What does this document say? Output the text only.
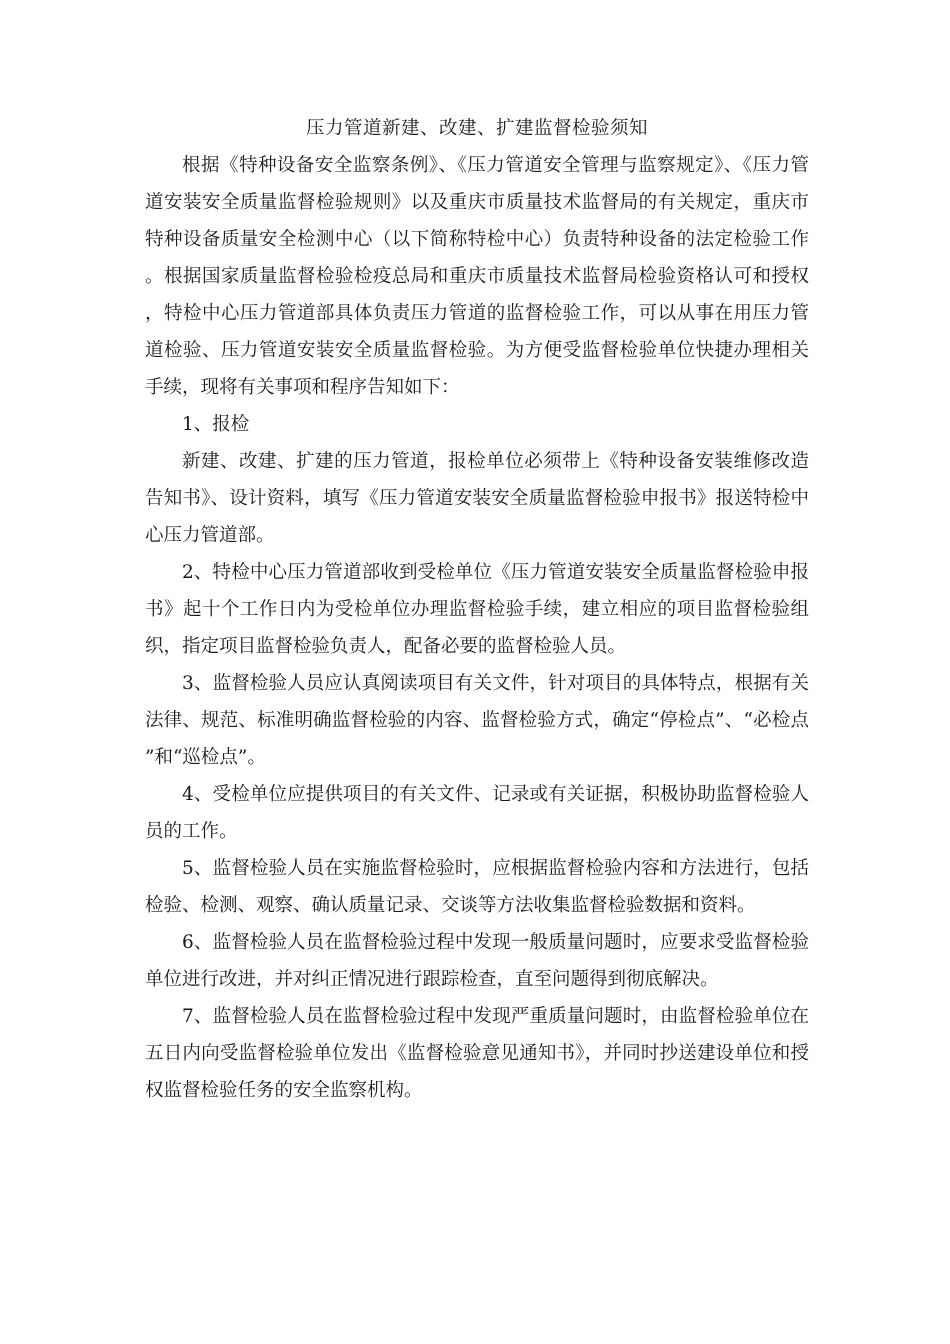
压力管道新建、改建、扩建监督检验须知

根据《特种设备安全监察条例》、《压力管道安全管理与监察规定》、《压力管道安装安全质量监督检验规则》以及重庆市质量技术监督局的有关规定，重庆市特种设备质量安全检测中心（以下简称特检中心）负责特种设备的法定检验工作。根据国家质量监督检验检疫总局和重庆市质量技术监督局检验资格认可和授权，特检中心压力管道部具体负责压力管道的监督检验工作，可以从事在用压力管道检验、压力管道安装安全质量监督检验。为方便受监督检验单位快捷办理相关手续，现将有关事项和程序告知如下：

1、报检

新建、改建、扩建的压力管道，报检单位必须带上《特种设备安装维修改造告知书》、设计资料，填写《压力管道安装安全质量监督检验申报书》报送特检中心压力管道部。

2、特检中心压力管道部收到受检单位《压力管道安装安全质量监督检验申报书》起十个工作日内为受检单位办理监督检验手续，建立相应的项目监督检验组织，指定项目监督检验负责人，配备必要的监督检验人员。

3、监督检验人员应认真阅读项目有关文件，针对项目的具体特点，根据有关法律、规范、标准明确监督检验的内容、监督检验方式，确定“停检点”、“必检点”和“巡检点”。

4、受检单位应提供项目的有关文件、记录或有关证据，积极协助监督检验人员的工作。

5、监督检验人员在实施监督检验时，应根据监督检验内容和方法进行，包括检验、检测、观察、确认质量记录、交谈等方法收集监督检验数据和资料。

6、监督检验人员在监督检验过程中发现一般质量问题时，应要求受监督检验单位进行改进，并对纠正情况进行跟踪检查，直至问题得到彻底解决。

7、监督检验人员在监督检验过程中发现严重质量问题时，由监督检验单位在五日内向受监督检验单位发出《监督检验意见通知书》，并同时抄送建设单位和授权监督检验任务的安全监察机构。
